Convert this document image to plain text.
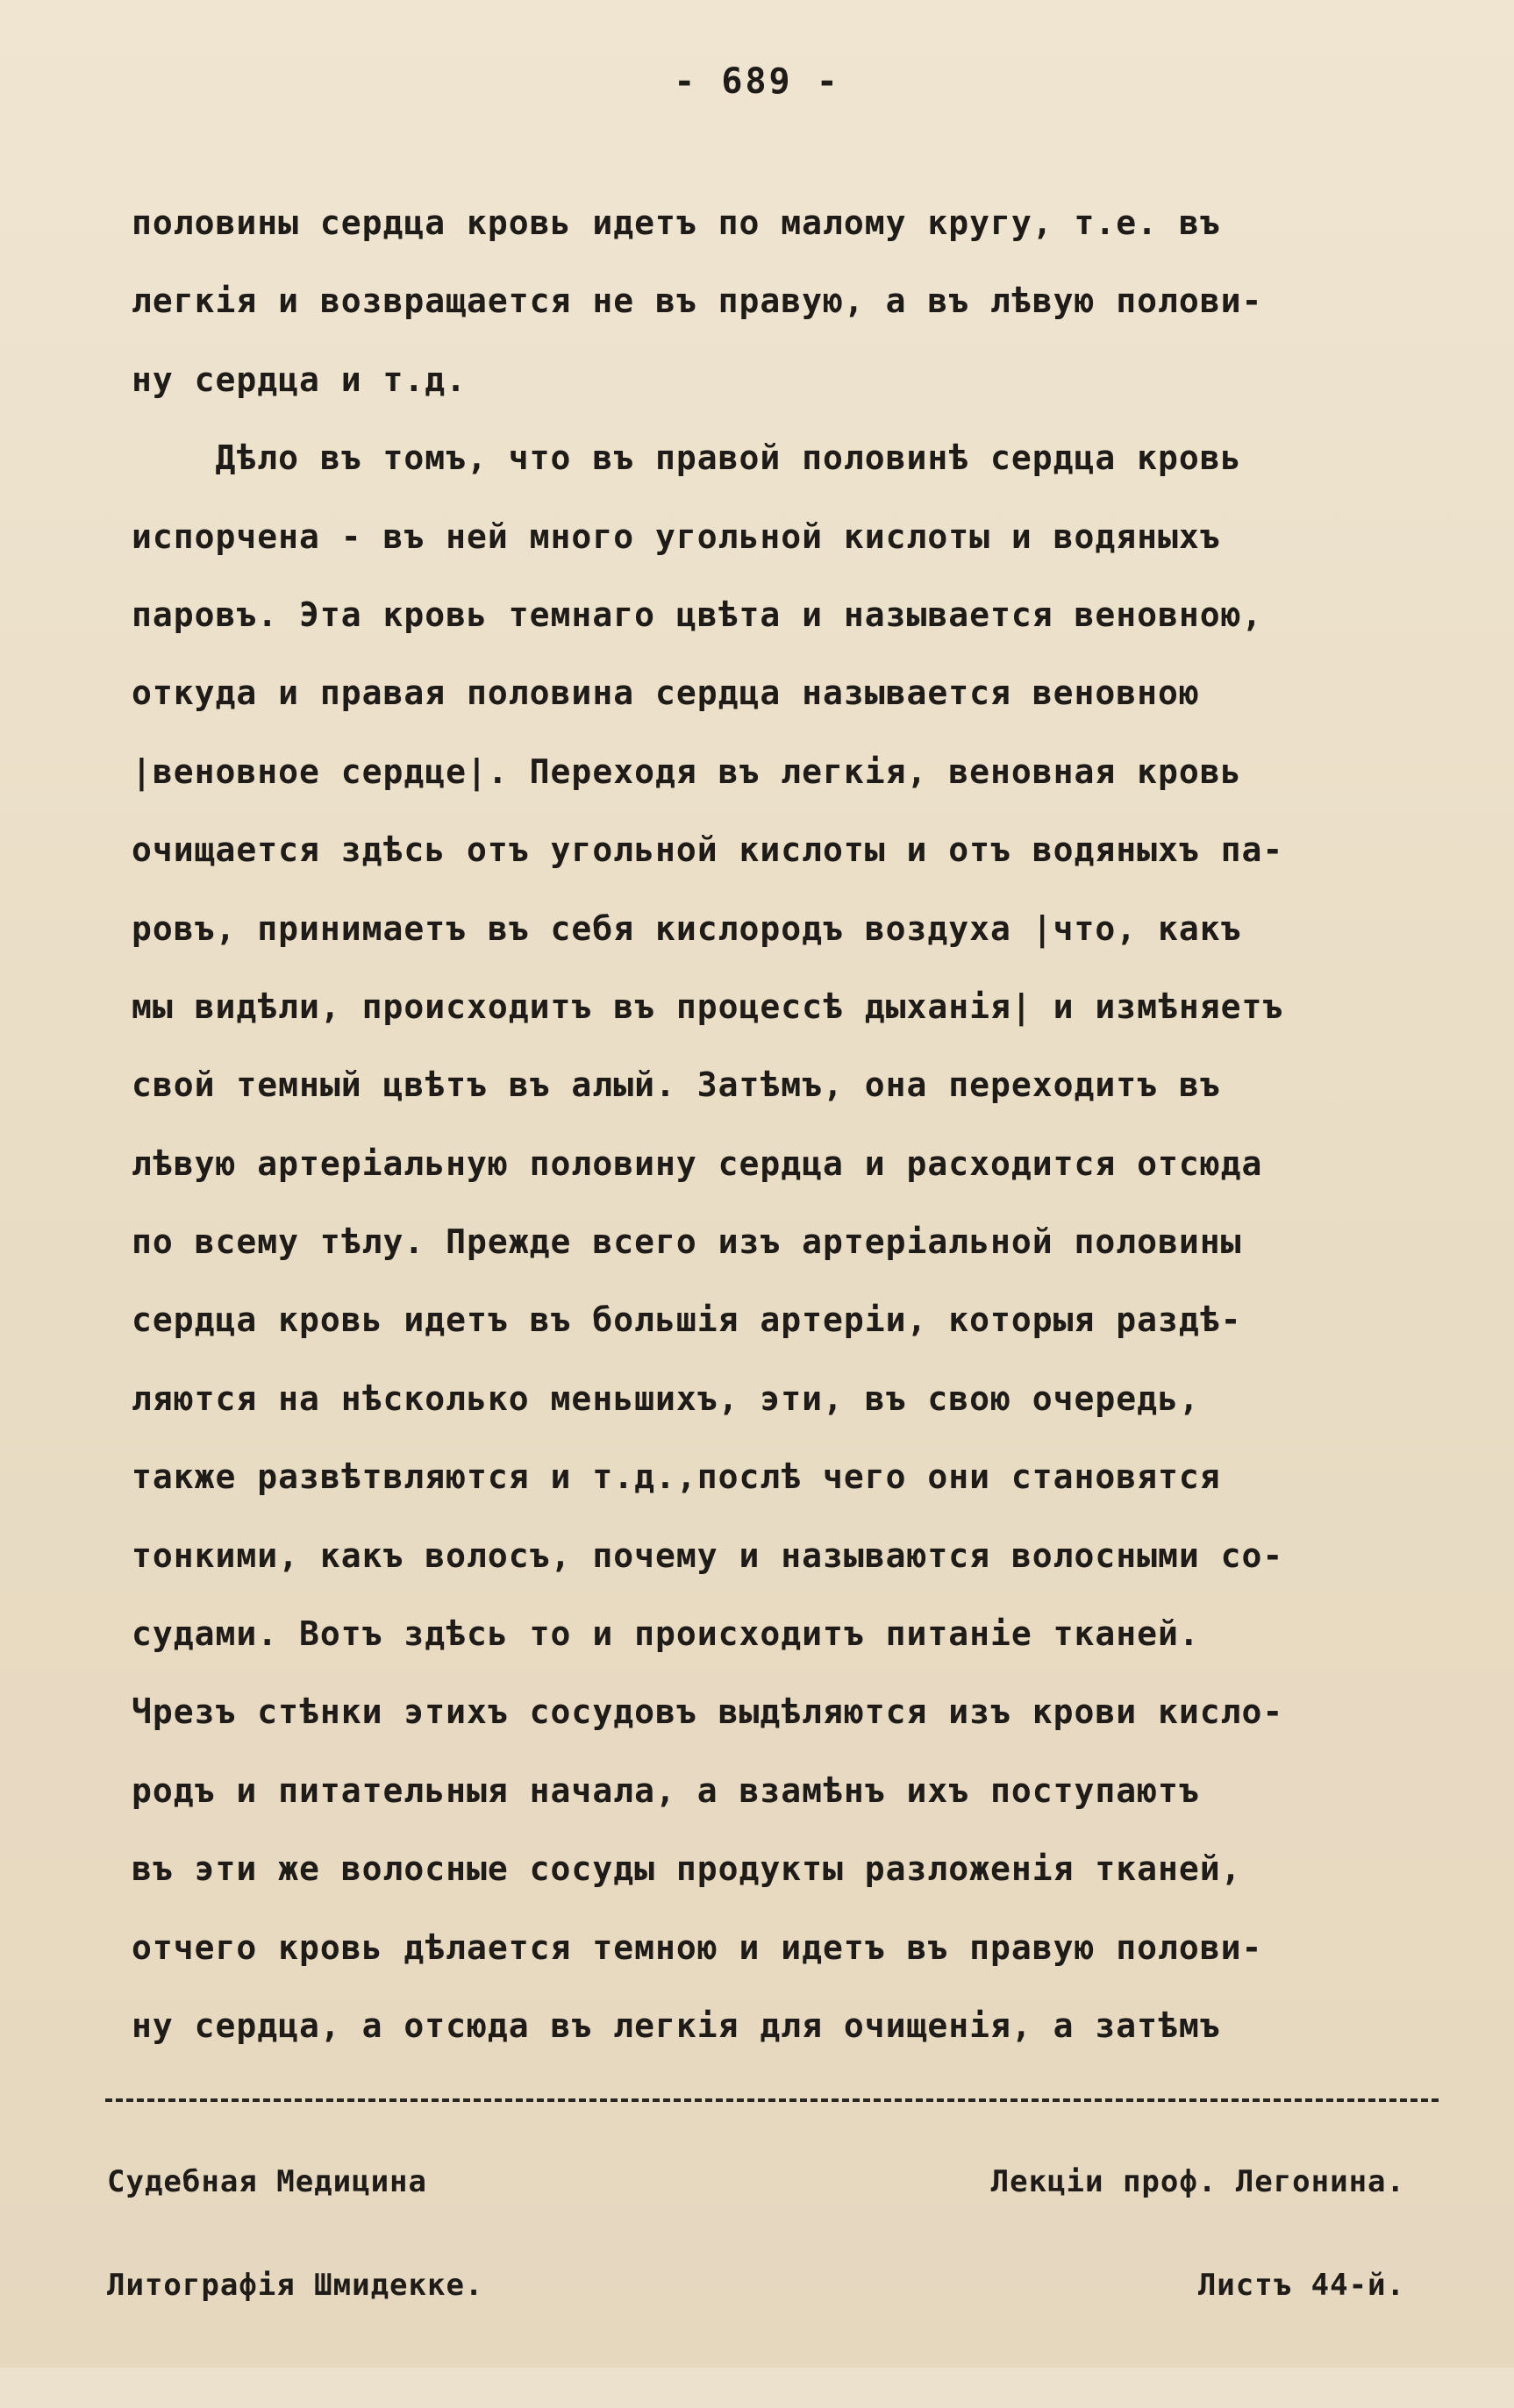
- 689 -
половины сердца кровь идетъ по малому кругу, т.е. въ
легкія и возвращается не въ правую, а въ лѣвую полови-
ну сердца и т.д.
Дѣло въ томъ, что въ правой половинѣ сердца кровь
испорчена - въ ней много угольной кислоты и водяныхъ
паровъ. Эта кровь темнаго цвѣта и называется веновною,
откуда и правая половина сердца называется веновною
|веновное сердце|. Переходя въ легкія, веновная кровь
очищается здѣсь отъ угольной кислоты и отъ водяныхъ па-
ровъ, принимаетъ въ себя кислородъ воздуха |что, какъ
мы видѣли, происходитъ въ процессѣ дыханія| и измѣняетъ
свой темный цвѣтъ въ алый. Затѣмъ, она переходитъ въ
лѣвую артеріальную половину сердца и расходится отсюда
по всему тѣлу. Прежде всего изъ артеріальной половины
сердца кровь идетъ въ большія артеріи, которыя раздѣ-
ляются на нѣсколько меньшихъ, эти, въ свою очередь,
также развѣтвляются и т.д.,послѣ чего они становятся
тонкими, какъ волосъ, почему и называются волосными со-
судами. Вотъ здѣсь то и происходитъ питаніе тканей.
Чрезъ стѣнки этихъ сосудовъ выдѣляются изъ крови кисло-
родъ и питательныя начала, а взамѣнъ ихъ поступаютъ
въ эти же волосные сосуды продукты разложенія тканей,
отчего кровь дѣлается темною и идетъ въ правую полови-
ну сердца, а отсюда въ легкія для очищенія, а затѣмъ

Судебная Медицина

	Лекціи проф. Легонина.

Литографія Шмидекке.

	Листъ 44-й.
